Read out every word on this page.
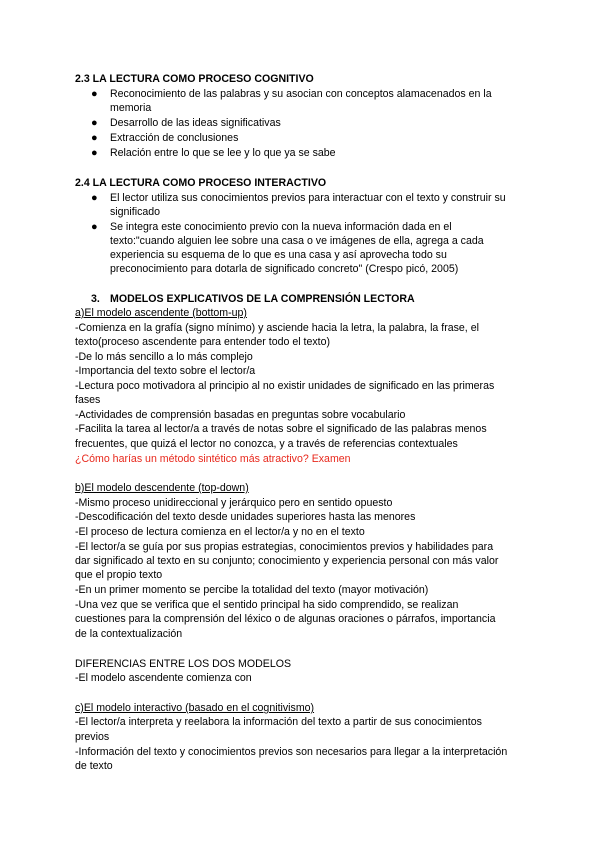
2.3 LA LECTURA COMO PROCESO COGNITIVO
● Reconocimiento de las palabras y su asocian con conceptos alamacenados en la
memoria
● Desarrollo de las ideas significativas
● Extracción de conclusiones
● Relación entre lo que se lee y lo que ya se sabe
2.4 LA LECTURA COMO PROCESO INTERACTIVO
● El lector utiliza sus conocimientos previos para interactuar con el texto y construir su
significado
● Se integra este conocimiento previo con la nueva información dada en el
texto:"cuando alguien lee sobre una casa o ve imágenes de ella, agrega a cada
experiencia su esquema de lo que es una casa y así aprovecha todo su
preconocimiento para dotarla de significado concreto" (Crespo picó, 2005)
3. MODELOS EXPLICATIVOS DE LA COMPRENSIÓN LECTORA
a)El modelo ascendente (bottom-up)
-Comienza en la grafía (signo mínimo) y asciende hacia la letra, la palabra, la frase, el
texto(proceso ascendente para entender todo el texto)
-De lo más sencillo a lo más complejo
-Importancia del texto sobre el lector/a
-Lectura poco motivadora al principio al no existir unidades de significado en las primeras
fases
-Actividades de comprensión basadas en preguntas sobre vocabulario
-Facilita la tarea al lector/a a través de notas sobre el significado de las palabras menos
frecuentes, que quizá el lector no conozca, y a través de referencias contextuales
¿Cómo harías un método sintético más atractivo? Examen
b)El modelo descendente (top-down)
-Mismo proceso unidireccional y jerárquico pero en sentido opuesto
-Descodificación del texto desde unidades superiores hasta las menores
-El proceso de lectura comienza en el lector/a y no en el texto
-El lector/a se guía por sus propias estrategias, conocimientos previos y habilidades para
dar significado al texto en su conjunto; conocimiento y experiencia personal con más valor
que el propio texto
-En un primer momento se percibe la totalidad del texto (mayor motivación)
-Una vez que se verifica que el sentido principal ha sido comprendido, se realizan
cuestiones para la comprensión del léxico o de algunas oraciones o párrafos, importancia
de la contextualización
DIFERENCIAS ENTRE LOS DOS MODELOS
-El modelo ascendente comienza con
c)El modelo interactivo (basado en el cognitivismo)
-El lector/a interpreta y reelabora la información del texto a partir de sus conocimientos
previos
-Información del texto y conocimientos previos son necesarios para llegar a la interpretación
de texto
